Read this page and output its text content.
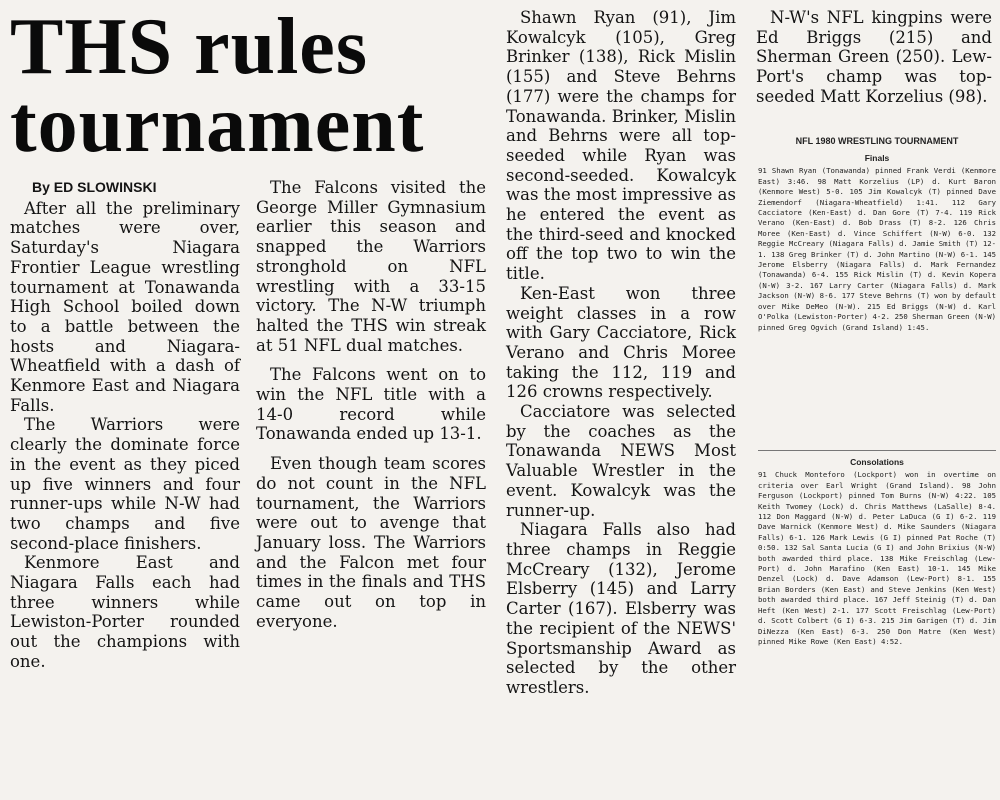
THS rules tournament

By ED SLOWINSKI

After all the preliminary matches were over, Saturday's Niagara Frontier League wrestling tournament at Tonawanda High School boiled down to a battle between the hosts and Niagara-Wheatfield with a dash of Kenmore East and Niagara Falls.

The Warriors were clearly the dominate force in the event as they piced up five winners and four runner-ups while N-W had two champs and five second-place finishers.

Kenmore East and Niagara Falls each had three winners while Lewiston-Porter rounded out the champions with one.

The Falcons visited the George Miller Gymnasium earlier this season and snapped the Warriors stronghold on NFL wrestling with a 33-15 victory. The N-W triumph halted the THS win streak at 51 NFL dual matches.

The Falcons went on to win the NFL title with a 14-0 record while Tonawanda ended up 13-1.

Even though team scores do not count in the NFL tournament, the Warriors were out to avenge that January loss. The Warriors and the Falcon met four times in the finals and THS came out on top in everyone.

Shawn Ryan (91), Jim Kowalcyk (105), Greg Brinker (138), Rick Mislin (155) and Steve Behrns (177) were the champs for Tonawanda. Brinker, Mislin and Behrns were all top-seeded while Ryan was second-seeded. Kowalcyk was the most impressive as he entered the event as the third-seed and knocked off the top two to win the title.

Ken-East won three weight classes in a row with Gary Cacciatore, Rick Verano and Chris Moree taking the 112, 119 and 126 crowns respectively.

Cacciatore was selected by the coaches as the Tonawanda NEWS Most Valuable Wrestler in the event. Kowalcyk was the runner-up.

Niagara Falls also had three champs in Reggie McCreary (132), Jerome Elsberry (145) and Larry Carter (167). Elsberry was the recipient of the NEWS' Sportsmanship Award as selected by the other wrestlers.

N-W's NFL kingpins were Ed Briggs (215) and Sherman Green (250). Lew-Port's champ was top-seeded Matt Korzelius (98).

NFL 1980 WRESTLING TOURNAMENT
Finals

91 Shawn Ryan (Tonawanda) pinned Frank Verdi (Kenmore East) 3:46. 98 Matt Korzelius (LP) d. Kurt Baron (Kenmore West) 5-0. 105 Jim Kowalcyk (T) pinned Dave Ziemendorf (Niagara-Wheatfield) 1:41. 112 Gary Cacciatore (Ken-East) d. Dan Gore (T) 7-4. 119 Rick Verano (Ken-East) d. Bob Drass (T) 8-2. 126 Chris Moree (Ken-East) d. Vince Schiffert (N-W) 6-0. 132 Reggie McCreary (Niagara Falls) d. Jamie Smith (T) 12-1. 138 Greg Brinker (T) d. John Martino (N-W) 6-1. 145 Jerome Elsberry (Niagara Falls) d. Mark Fernandez (Tonawanda) 6-4. 155 Rick Mislin (T) d. Kevin Kopera (N-W) 3-2. 167 Larry Carter (Niagara Falls) d. Mark Jackson (N-W) 8-6. 177 Steve Behrns (T) won by default over Mike DeMeo (N-W). 215 Ed Briggs (N-W) d. Karl O'Polka (Lewiston-Porter) 4-2. 250 Sherman Green (N-W) pinned Greg Ogvich (Grand Island) 1:45.

Consolations

91 Chuck Monteforo (Lockport) won in overtime on criteria over Earl Wright (Grand Island). 98 John Ferguson (Lockport) pinned Tom Burns (N-W) 4:22. 105 Keith Twomey (Lock) d. Chris Matthews (LaSalle) 8-4. 112 Don Maggard (N-W) d. Peter LaDuca (G I) 6-2. 119 Dave Warnick (Kenmore West) d. Mike Saunders (Niagara Falls) 6-1. 126 Mark Lewis (G I) pinned Pat Roche (T) 0:50. 132 Sal Santa Lucia (G I) and John Brixius (N-W) both awarded third place. 138 Mike Freischlag (Lew-Port) d. John Marafino (Ken East) 10-1. 145 Mike Denzel (Lock) d. Dave Adamson (Lew-Port) 8-1. 155 Brian Borders (Ken East) and Steve Jenkins (Ken West) both awarded third place. 167 Jeff Steinig (T) d. Dan Heft (Ken West) 2-1. 177 Scott Freischlag (Lew-Port) d. Scott Colbert (G I) 6-3. 215 Jim Garigen (T) d. Jim DiNezza (Ken East) 6-3. 250 Don Matre (Ken West) pinned Mike Rowe (Ken East) 4:52.
